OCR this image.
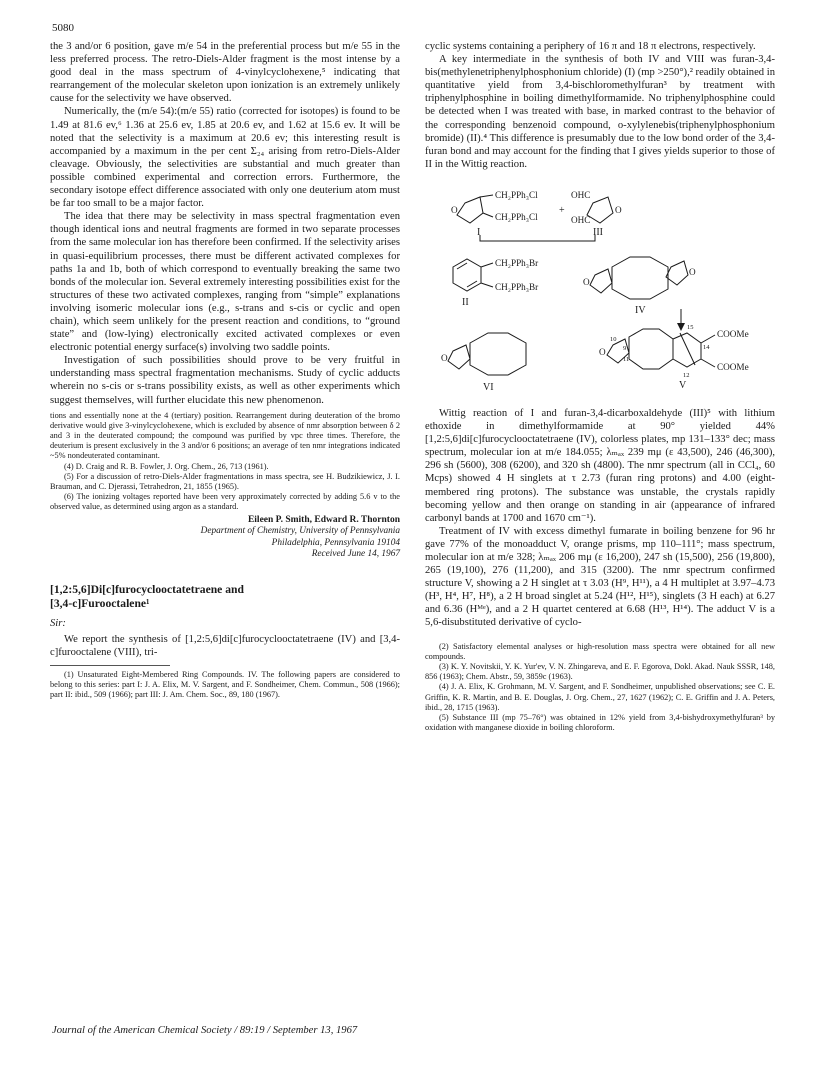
5080

the 3 and/or 6 position, gave m/e 54 in the preferential process but m/e 55 in the less preferred process. The retro-Diels-Alder fragment is the most intense by a good deal in the mass spectrum of 4-vinylcyclohexene,⁵ indicating that rearrangement of the molecular skeleton upon ionization is an extremely unlikely cause for the selectivity we have observed.

Numerically, the (m/e 54):(m/e 55) ratio (corrected for isotopes) is found to be 1.49 at 81.6 ev,⁶ 1.36 at 25.6 ev, 1.85 at 20.6 ev, and 1.62 at 15.6 ev. It will be noted that the selectivity is a maximum at 20.6 ev; this interesting result is accompanied by a maximum in the per cent Σ₂₄ arising from retro-Diels-Alder cleavage. Obviously, the selectivities are substantial and much greater than possible combined experimental and correction errors. Furthermore, the secondary isotope effect difference associated with only one deuterium atom must be far too small to be a major factor.

The idea that there may be selectivity in mass spectral fragmentation even though identical ions and neutral fragments are formed in two separate processes from the same molecular ion has therefore been confirmed. If the selectivity arises in quasi-equilibrium processes, there must be different activated complexes for paths 1a and 1b, both of which correspond to eventually breaking the same two bonds of the molecular ion. Several extremely interesting possibilities exist for the structures of these two activated complexes, ranging from “simple” explanations involving isomeric molecular ions (e.g., s-trans and s-cis or cyclic and open chain), which seem unlikely for the present reaction and conditions, to “ground state” and (low-lying) electronically excited activated complexes or even electronic potential energy surface(s) involving two saddle points.

Investigation of such possibilities should prove to be very fruitful in understanding mass spectral fragmentation mechanisms. Study of cyclic adducts wherein no s-cis or s-trans possibility exists, as well as other experiments which suggest themselves, will further elucidate this new phenomenon.

tions and essentially none at the 4 (tertiary) position. Rearrangement during deuteration of the bromo derivative would give 3-vinylcyclohexene, which is excluded by absence of nmr absorption between δ 2 and 3 in the deuterated compound; the compound was purified by vpc three times. Therefore, the deuterium is present exclusively in the 3 and/or 6 positions; an average of ten nmr integrations indicated ~5% nondeuterated contaminant.

(4) D. Craig and R. B. Fowler, J. Org. Chem., 26, 713 (1961).

(5) For a discussion of retro-Diels-Alder fragmentations in mass spectra, see H. Budzikiewicz, J. I. Brauman, and C. Djerassi, Tetrahedron, 21, 1855 (1965).

(6) The ionizing voltages reported have been very approximately corrected by adding 5.6 v to the observed value, as determined using argon as a standard.

Eileen P. Smith, Edward R. Thornton
Department of Chemistry, University of Pennsylvania
Philadelphia, Pennsylvania 19104
Received June 14, 1967
[1,2:5,6]Di[c]furocyclooctatetraene and
[3,4-c]Furooctalene¹
Sir:

We report the synthesis of [1,2:5,6]di[c]furocyclooctatetraene (IV) and [3,4-c]furooctalene (VIII), tri-

(1) Unsaturated Eight-Membered Ring Compounds. IV. The following papers are considered to belong to this series: part I: J. A. Elix, M. V. Sargent, and F. Sondheimer, Chem. Commun., 508 (1966); part II: ibid., 509 (1966); part III: J. Am. Chem. Soc., 89, 180 (1967).

cyclic systems containing a periphery of 16 π and 18 π electrons, respectively.

A key intermediate in the synthesis of both IV and VIII was furan-3,4-bis(methylenetriphenylphosphonium chloride) (I) (mp >250°),² readily obtained in quantitative yield from 3,4-bischloromethylfuran³ by treatment with triphenylphosphine in boiling dimethylformamide. No triphenylphosphine could be detected when I was treated with base, in marked contrast to the behavior of the corresponding benzenoid compound, o-xylylenebis(triphenylphosphonium bromide) (II).⁴ This difference is presumably due to the low bond order of the 3,4-furan bond and may account for the finding that I gives yields superior to those of II in the Wittig reaction.

CH₂PPh₃Cl
CH₂PPh₃Cl
O	+
OHC
OHC
O
I	III
CH₂PPh₃Br
CH₂PPh₃Br
II
O
O
IV
O
VI
O
COOMe
COOMe
15
10
9
11
14
12
V

Wittig reaction of I and furan-3,4-dicarboxaldehyde (III)⁵ with lithium ethoxide in dimethylformamide at 90° yielded 44% [1,2:5,6]di[c]furocyclooctatetraene (IV), colorless plates, mp 131–133° dec; mass spectrum, molecular ion at m/e 184.055; λₘₐₓ 239 mμ (ε 43,500), 246 (46,300), 296 sh (5600), 308 (6200), and 320 sh (4800). The nmr spectrum (all in CCl₄, 60 Mcps) showed 4 H singlets at τ 2.73 (furan ring protons) and 4.00 (eight-membered ring protons). The substance was unstable, the crystals rapidly becoming yellow and then orange on standing in air (appearance of infrared carbonyl bands at 1700 and 1670 cm⁻¹).

Treatment of IV with excess dimethyl fumarate in boiling benzene for 96 hr gave 77% of the monoadduct V, orange prisms, mp 110–111°; mass spectrum, molecular ion at m/e 328; λₘₐₓ 206 mμ (ε 16,200), 247 sh (15,500), 256 (19,800), 265 (19,100), 276 (11,200), and 315 (3200). The nmr spectrum confirmed structure V, showing a 2 H singlet at τ 3.03 (H⁹, H¹¹), a 4 H multiplet at 3.97–4.73 (H³, H⁴, H⁷, H⁸), a 2 H broad singlet at 5.24 (H¹², H¹⁵), singlets (3 H each) at 6.27 and 6.36 (Hᴹᵉ), and a 2 H quartet centered at 6.68 (H¹³, H¹⁴). The adduct V is a 5,6-disubstituted derivative of cyclo-

(2) Satisfactory elemental analyses or high-resolution mass spectra were obtained for all new compounds.

(3) K. Y. Novitskii, Y. K. Yur'ev, V. N. Zhingareva, and E. F. Egorova, Dokl. Akad. Nauk SSSR, 148, 856 (1963); Chem. Abstr., 59, 3859c (1963).

(4) J. A. Elix, K. Grohmann, M. V. Sargent, and F. Sondheimer, unpublished observations; see C. E. Griffin, K. R. Martin, and B. E. Douglas, J. Org. Chem., 27, 1627 (1962); C. E. Griffin and J. A. Peters, ibid., 28, 1715 (1963).

(5) Substance III (mp 75–76°) was obtained in 12% yield from 3,4-bishydroxymethylfuran³ by oxidation with manganese dioxide in boiling chloroform.

Journal of the American Chemical Society / 89:19 / September 13, 1967
